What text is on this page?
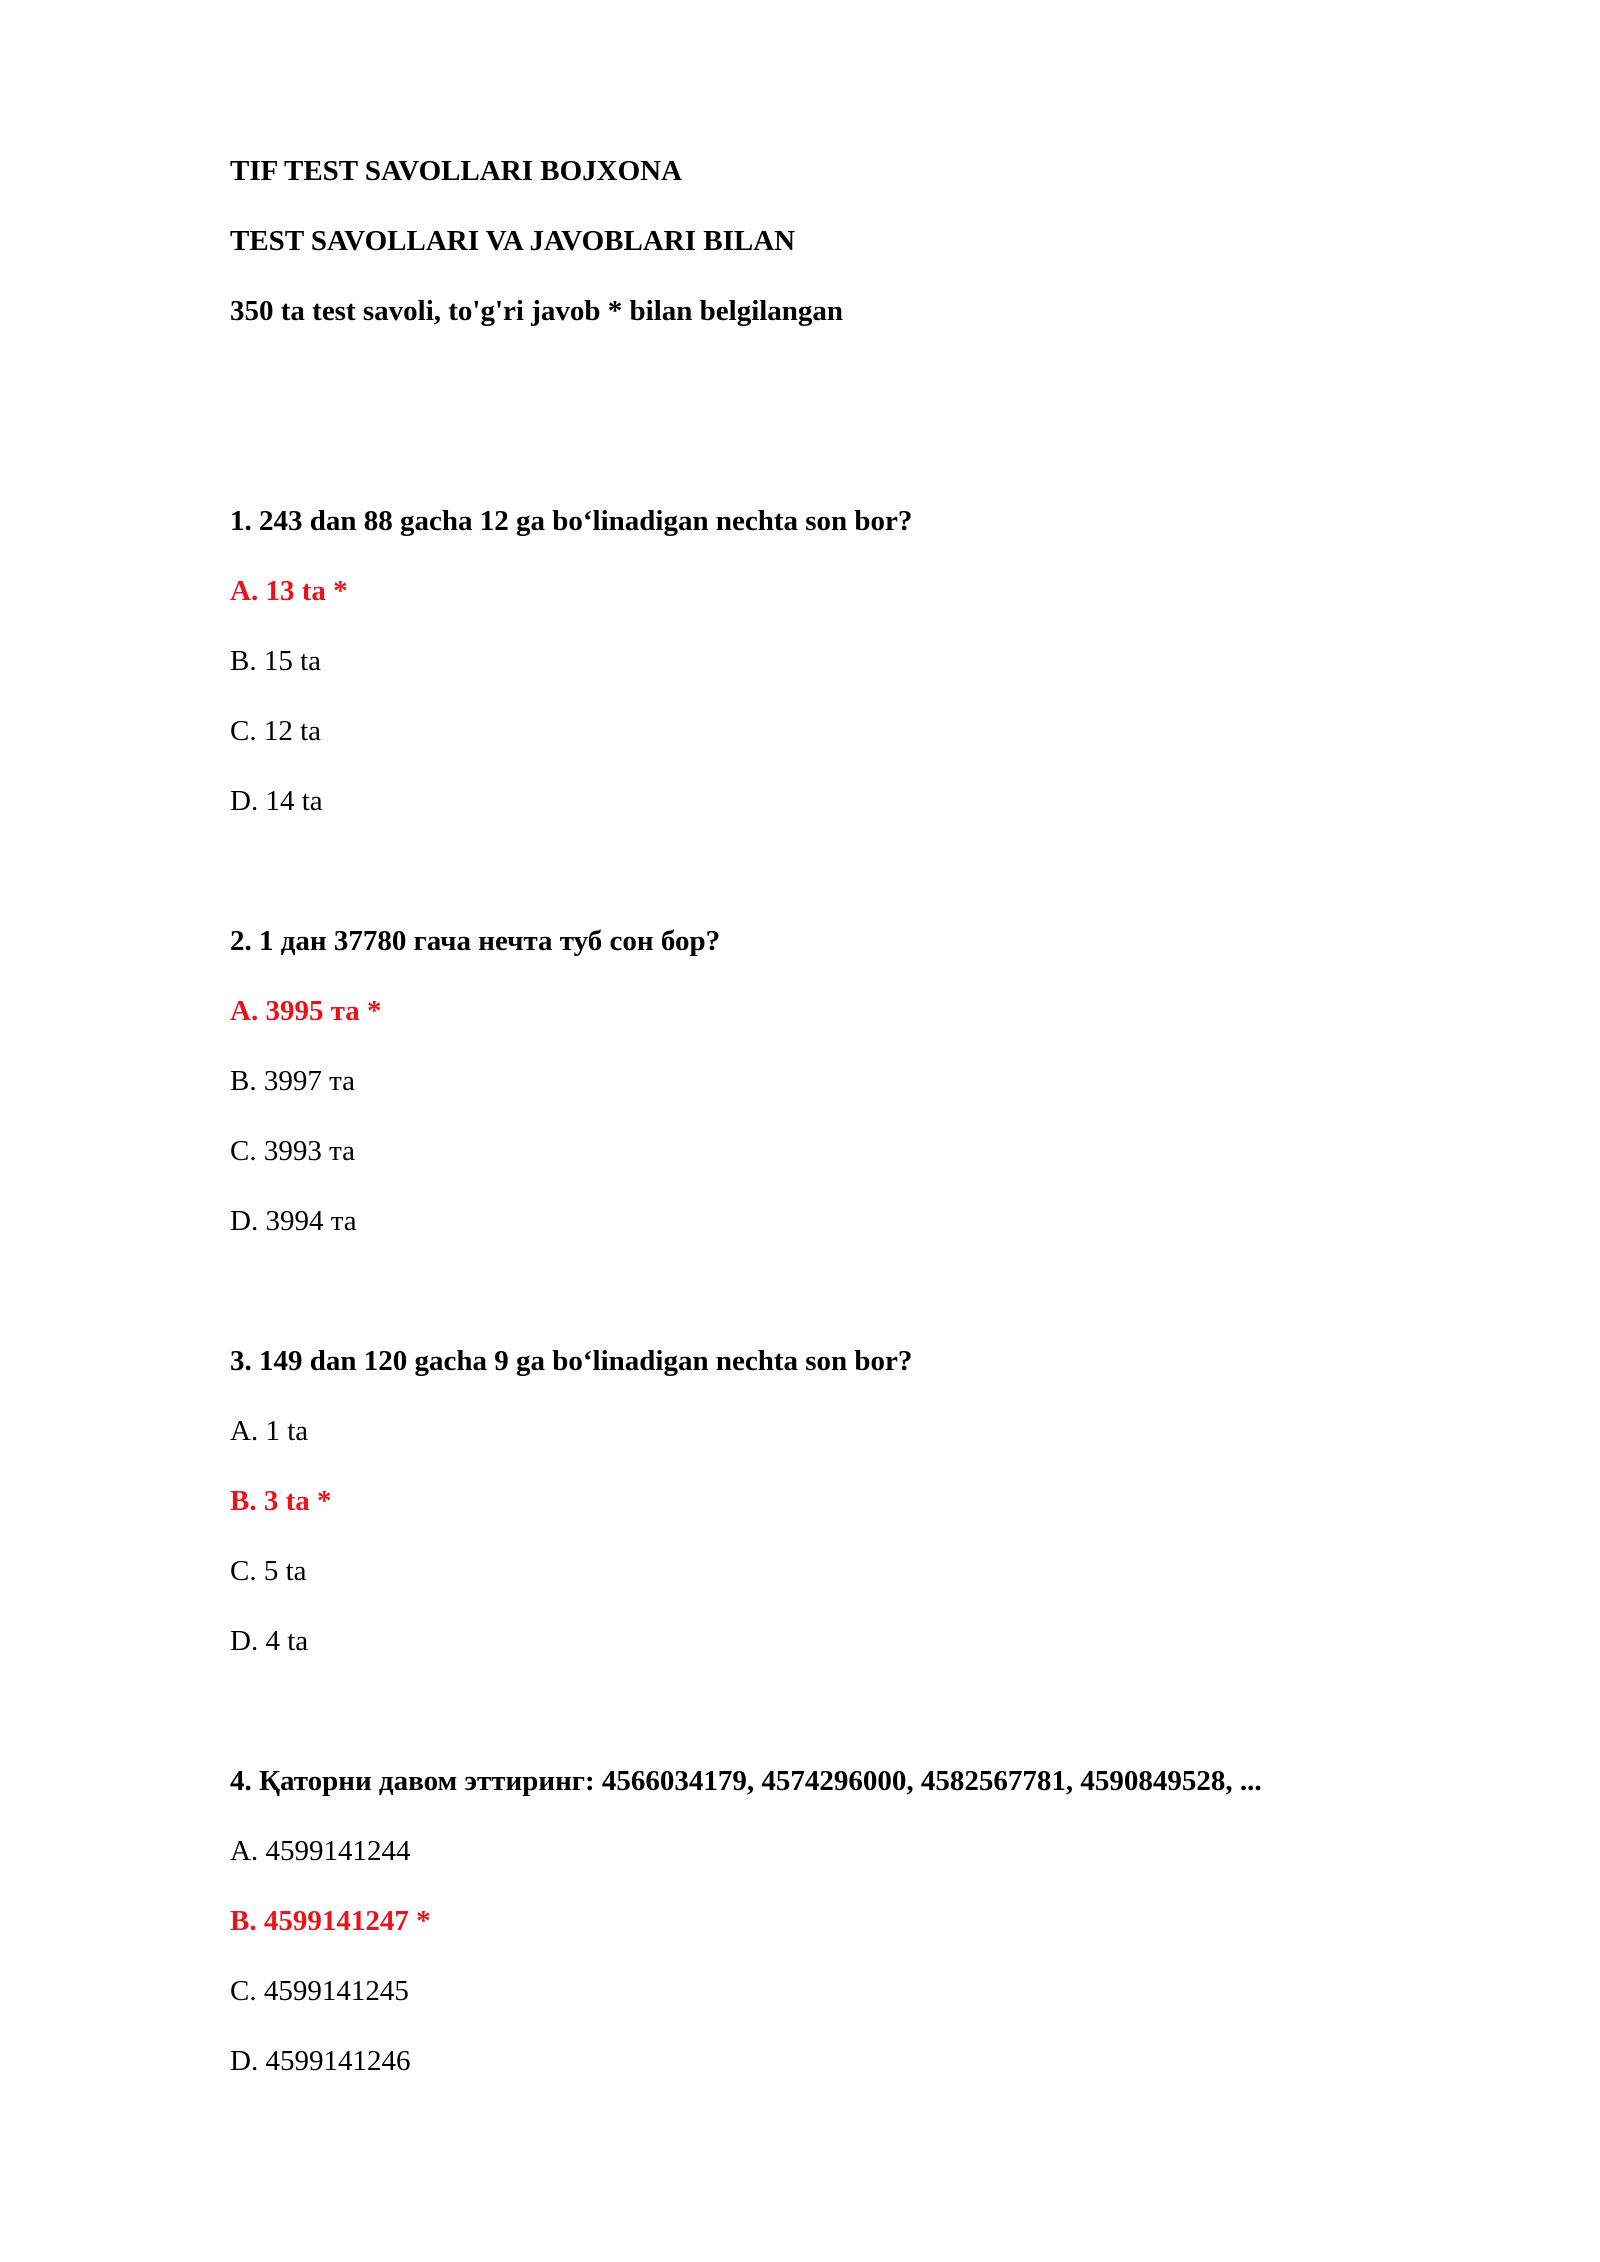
TIF TEST SAVOLLARI BOJXONA
TEST SAVOLLARI VA JAVOBLARI BILAN
350 ta test savoli, to'g'ri javob * bilan belgilangan
1. 243 dan 88 gacha 12 ga bo‘linadigan nechta son bor?
A. 13 ta *
B. 15 ta
C. 12 ta
D. 14 ta
2. 1 дан 37780 гача нечта туб сон бор?
A. 3995 та *
B. 3997 та
C. 3993 та
D. 3994 та
3. 149 dan 120 gacha 9 ga bo‘linadigan nechta son bor?
A. 1 ta
B. 3 ta *
C. 5 ta
D. 4 ta
4. Қаторни давом эттиринг: 4566034179, 4574296000, 4582567781, 4590849528, ...
A. 4599141244
B. 4599141247 *
C. 4599141245
D. 4599141246
